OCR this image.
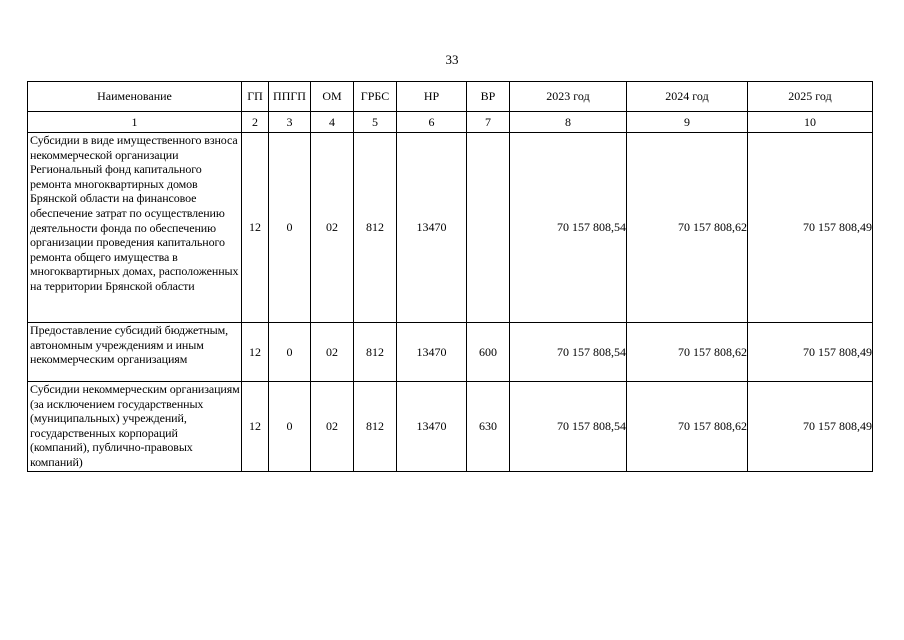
33
Наименование	ГП	ППГП	ОМ	ГРБС	НР	ВР	2023 год	2024 год	2025 год
1	2	3	4	5	6	7	8	9	10
Субсидии в виде имущественного взноса некоммерческой организации Региональный фонд капитального ремонта многоквартирных домов Брянской области на финансовое обеспечение затрат по осуществлению деятельности фонда по обеспечению организации проведения капитального ремонта общего имущества в многоквартирных домах, расположенных на территории Брянской области	12	0	02	812	13470		70 157 808,54	70 157 808,62	70 157 808,49
Предоставление субсидий бюджетным, автономным учреждениям и иным некоммерческим организациям	12	0	02	812	13470	600	70 157 808,54	70 157 808,62	70 157 808,49
Субсидии некоммерческим организациям (за исключением государственных (муниципальных) учреждений, государственных корпораций (компаний), публично-правовых компаний)	12	0	02	812	13470	630	70 157 808,54	70 157 808,62	70 157 808,49
